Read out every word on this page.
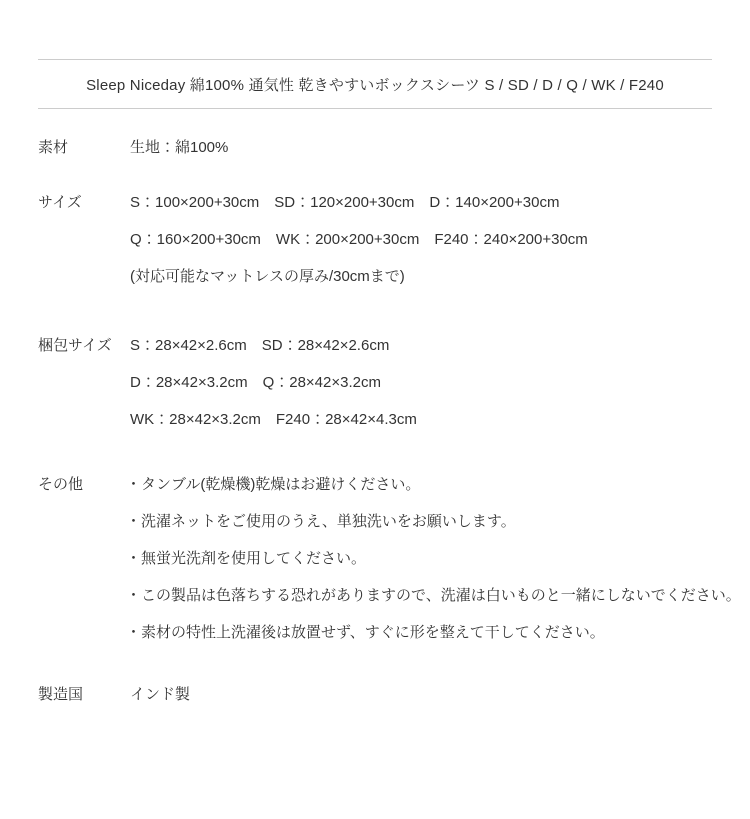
Sleep Niceday 綿100% 通気性 乾きやすいボックスシーツ S / SD / D / Q / WK / F240
素材	生地：綿100%

サイズ	S：100×200+30cm　SD：120×200+30cm　D：140×200+30cm

Q：160×200+30cm　WK：200×200+30cm　F240：240×200+30cm

(対応可能なマットレスの厚み/30cmまで)

梱包サイズ	S：28×42×2.6cm　SD：28×42×2.6cm

D：28×42×3.2cm　Q：28×42×3.2cm

WK：28×42×3.2cm　F240：28×42×4.3cm

その他	・タンブル(乾燥機)乾燥はお避けください。

・洗濯ネットをご使用のうえ、単独洗いをお願いします。

・無蛍光洗剤を使用してください。

・この製品は色落ちする恐れがありますので、洗濯は白いものと一緒にしないでください。

・素材の特性上洗濯後は放置せず、すぐに形を整えて干してください。

製造国	インド製
